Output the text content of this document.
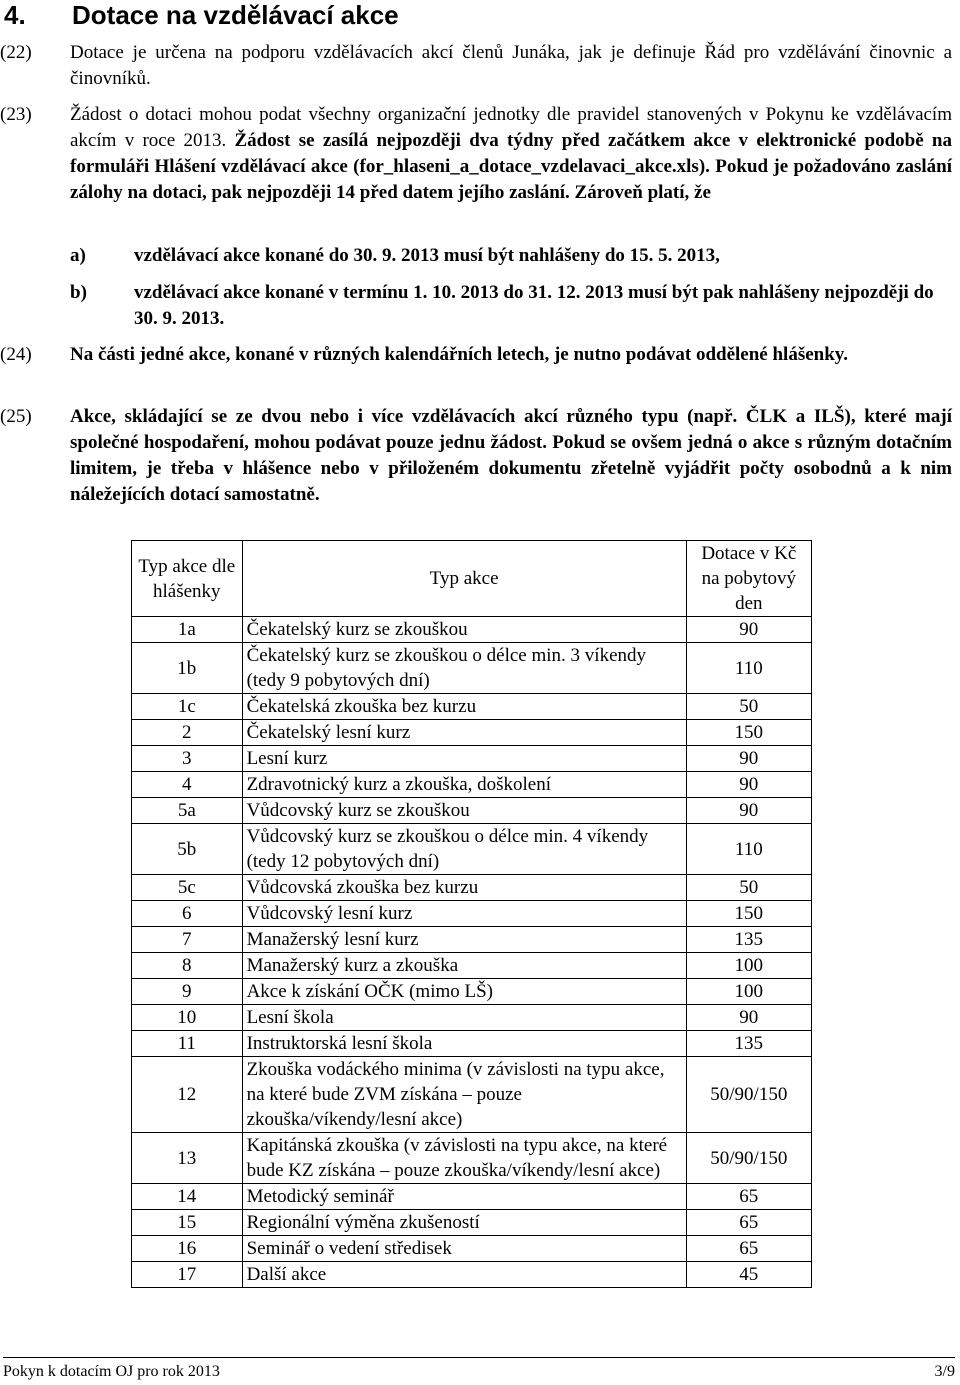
4.	Dotace na vzdělávací akce
(22)	Dotace je určena na podporu vzdělávacích akcí členů Junáka, jak je definuje Řád pro vzdělávání činovnic a činovníků.
(23)	Žádost o dotaci mohou podat všechny organizační jednotky dle pravidel stanovených v Pokynu ke vzdělávacím akcím v roce 2013. Žádost se zasílá nejpozději dva týdny před začátkem akce v elektronické podobě na formuláři Hlášení vzdělávací akce (for_hlaseni_a_dotace_vzdelavaci_akce.xls). Pokud je požadováno zaslání zálohy na dotaci, pak nejpozději 14 před datem jejího zaslání. Zároveň platí, že
a)	vzdělávací akce konané do 30. 9. 2013 musí být nahlášeny do 15. 5. 2013,
b)	vzdělávací akce konané v termínu 1. 10. 2013 do 31. 12. 2013 musí být pak nahlášeny nejpozději do 30. 9. 2013.
(24)	Na části jedné akce, konané v různých kalendářních letech, je nutno podávat oddělené hlášenky.
(25)	Akce, skládající se ze dvou nebo i více vzdělávacích akcí různého typu (např. ČLK a ILŠ), které mají společné hospodaření, mohou podávat pouze jednu žádost. Pokud se ovšem jedná o akce s různým dotačním limitem, je třeba v hlášence nebo v přiloženém dokumentu zřetelně vyjádřit počty osobodnů a k nim náležejících dotací samostatně.
Typ akce dle hlášenky	Typ akce	Dotace v Kč na pobytový den
1a	Čekatelský kurz se zkouškou	90
1b	Čekatelský kurz se zkouškou o délce min. 3 víkendy (tedy 9 pobytových dní)	110
1c	Čekatelská zkouška bez kurzu	50
2	Čekatelský lesní kurz	150
3	Lesní kurz	90
4	Zdravotnický kurz a zkouška, doškolení	90
5a	Vůdcovský kurz se zkouškou	90
5b	Vůdcovský kurz se zkouškou o délce min. 4 víkendy (tedy 12 pobytových dní)	110
5c	Vůdcovská zkouška bez kurzu	50
6	Vůdcovský lesní kurz	150
7	Manažerský lesní kurz	135
8	Manažerský kurz a zkouška	100
9	Akce k získání OČK (mimo LŠ)	100
10	Lesní škola	90
11	Instruktorská lesní škola	135
12	Zkouška vodáckého minima (v závislosti na typu akce, na které bude ZVM získána – pouze zkouška/víkendy/lesní akce)	50/90/150
13	Kapitánská zkouška (v závislosti na typu akce, na které bude KZ získána – pouze zkouška/víkendy/lesní akce)	50/90/150
14	Metodický seminář	65
15	Regionální výměna zkušeností	65
16	Seminář o vedení středisek	65
17	Další akce	45
Pokyn k dotacím OJ pro rok 2013	3/9
